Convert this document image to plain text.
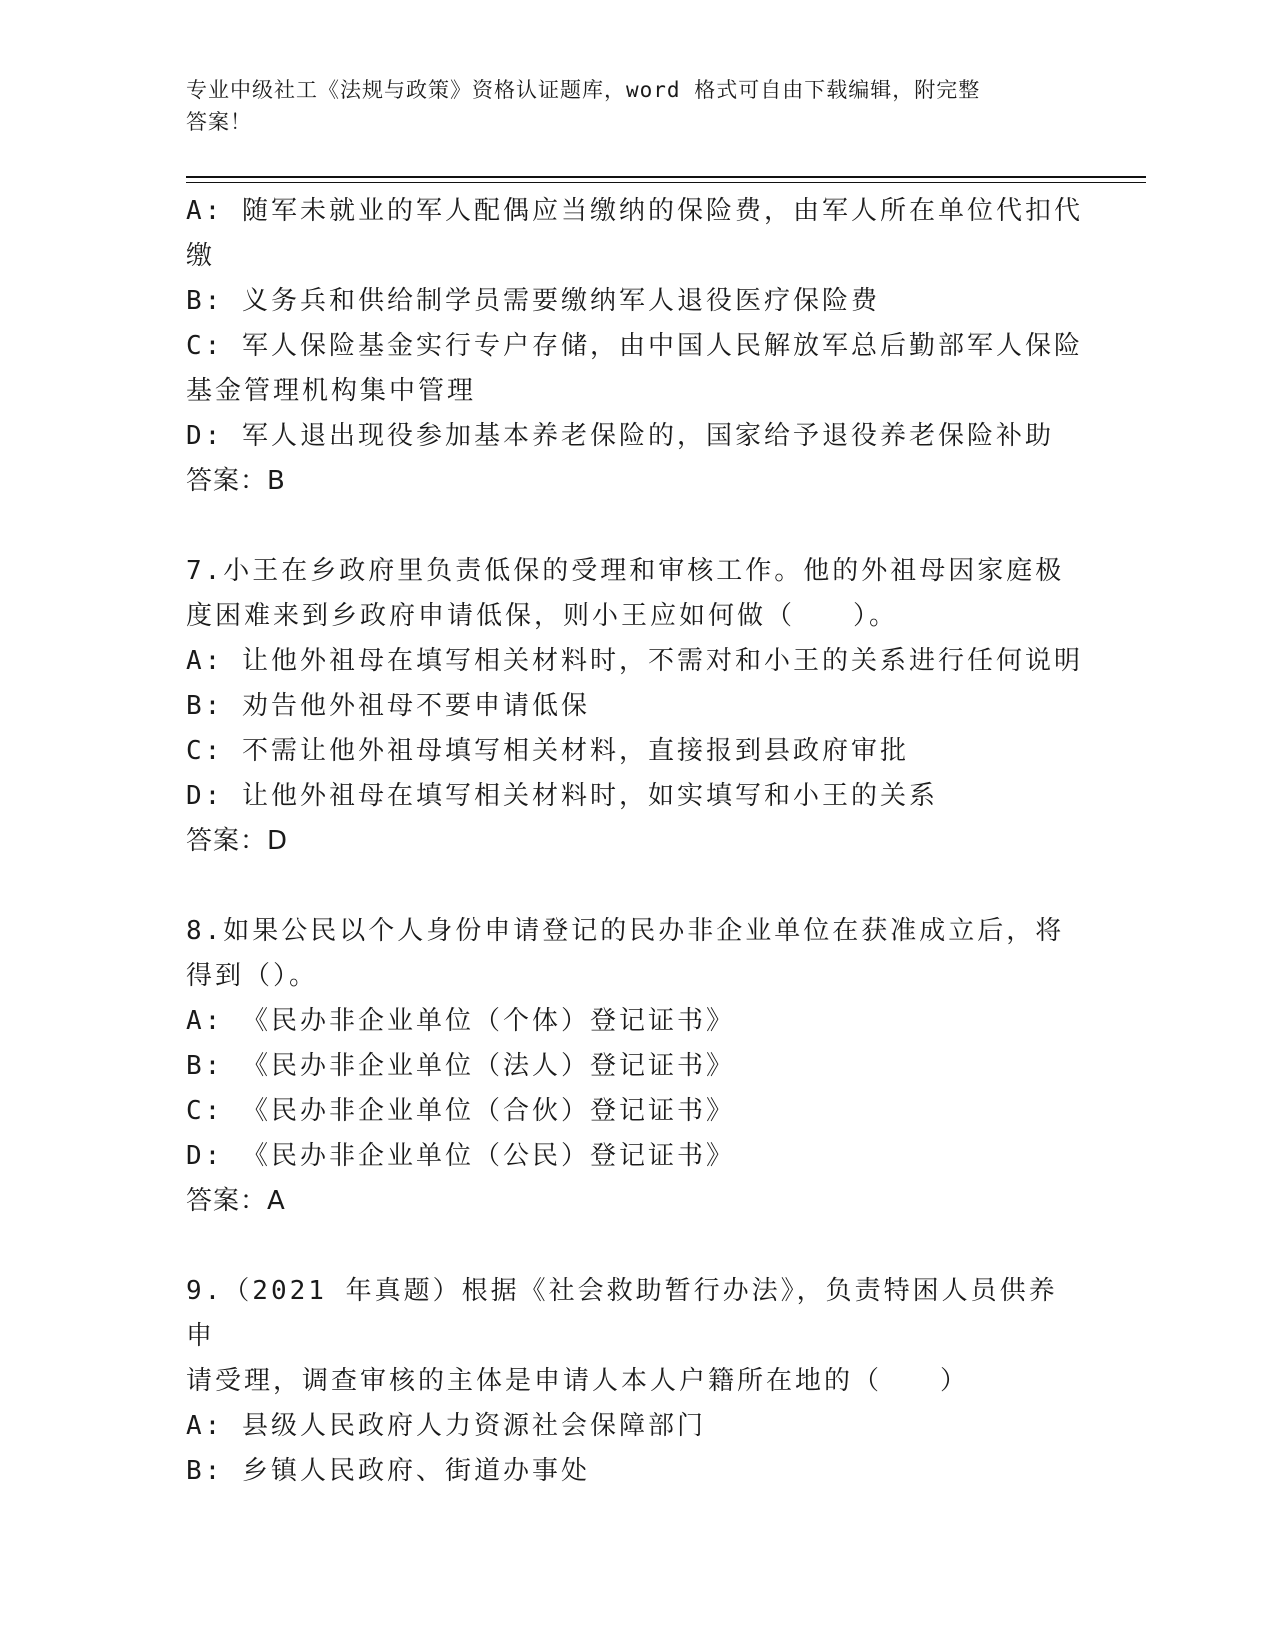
专业中级社工《法规与政策》资格认证题库，word 格式可自由下载编辑，附完整
答案！
A: 随军未就业的军人配偶应当缴纳的保险费，由军人所在单位代扣代
缴
B: 义务兵和供给制学员需要缴纳军人退役医疗保险费
C: 军人保险基金实行专户存储，由中国人民解放军总后勤部军人保险
基金管理机构集中管理
D: 军人退出现役参加基本养老保险的，国家给予退役养老保险补助
答案：B
7.小王在乡政府里负责低保的受理和审核工作。他的外祖母因家庭极
度困难来到乡政府申请低保，则小王应如何做（　　）。
A: 让他外祖母在填写相关材料时，不需对和小王的关系进行任何说明
B: 劝告他外祖母不要申请低保
C: 不需让他外祖母填写相关材料，直接报到县政府审批
D: 让他外祖母在填写相关材料时，如实填写和小王的关系
答案：D
8.如果公民以个人身份申请登记的民办非企业单位在获准成立后，将
得到（）。
A: 《民办非企业单位（个体）登记证书》
B: 《民办非企业单位（法人）登记证书》
C: 《民办非企业单位（合伙）登记证书》
D: 《民办非企业单位（公民）登记证书》
答案：A
9.（2021 年真题）根据《社会救助暂行办法》，负责特困人员供养申
请受理，调查审核的主体是申请人本人户籍所在地的（　　）
A: 县级人民政府人力资源社会保障部门
B: 乡镇人民政府、街道办事处
